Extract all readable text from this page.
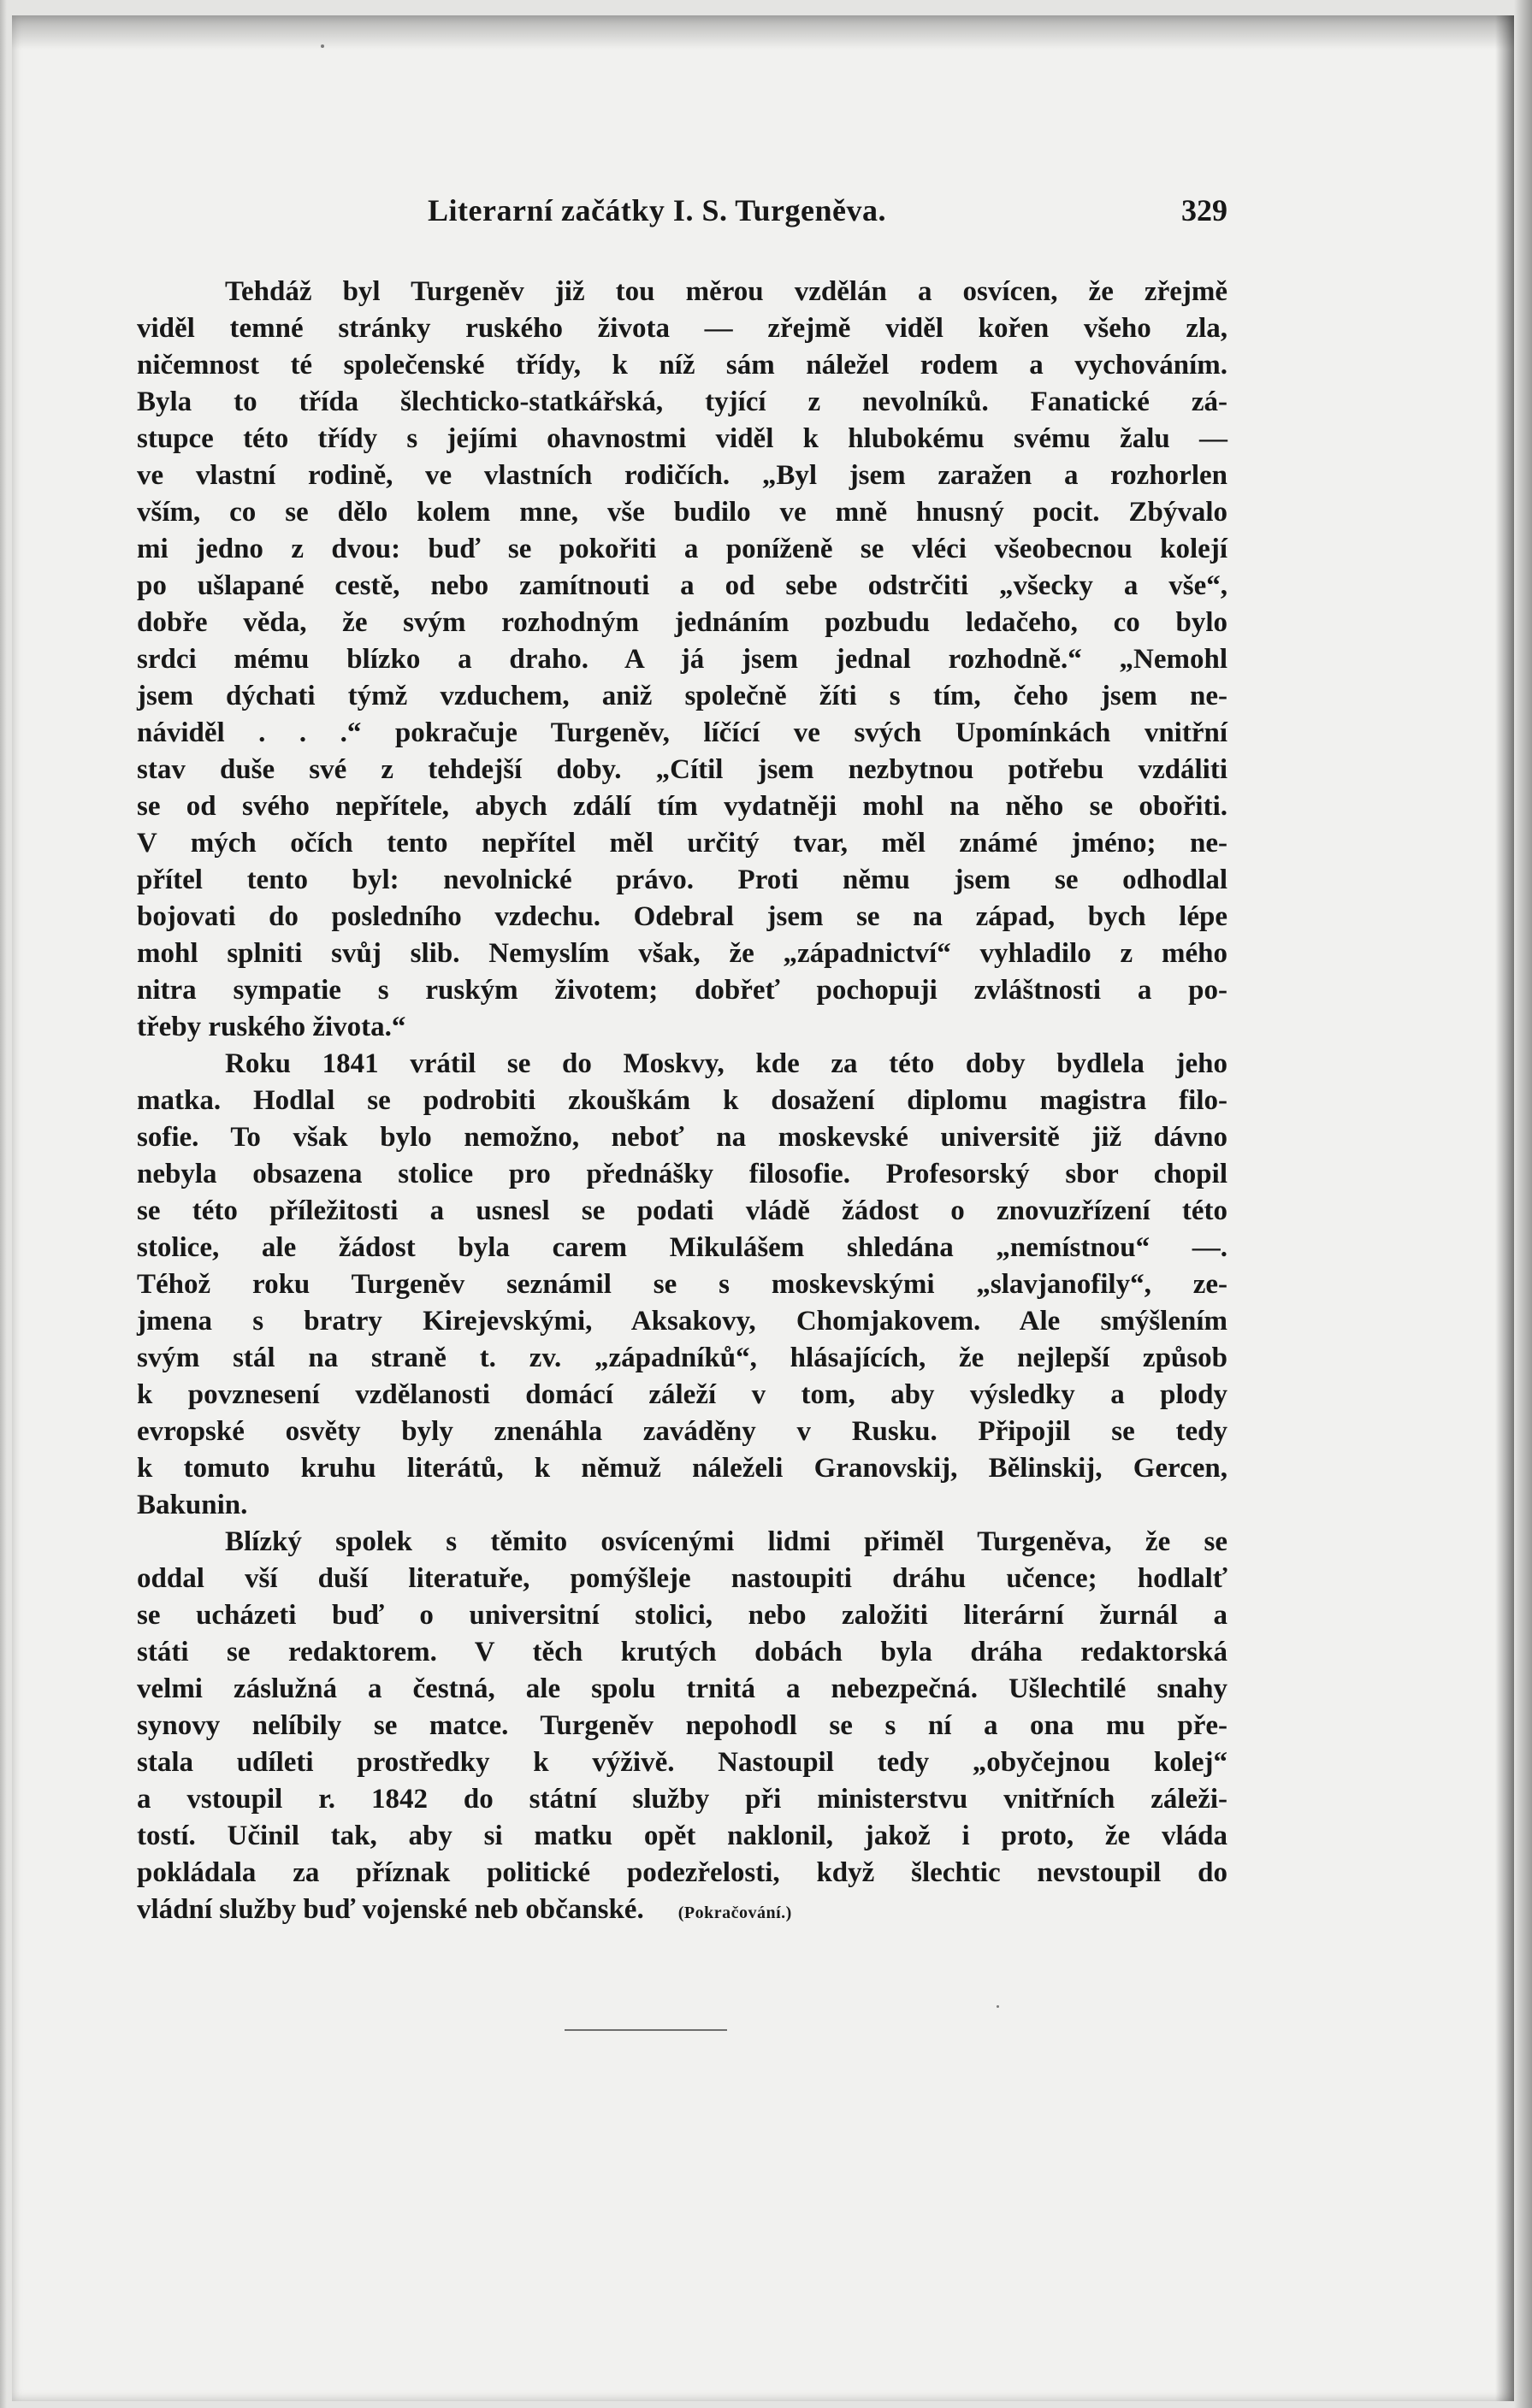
Literarní začátky I. S. Turgeněva.	329
Tehdáž byl Turgeněv již tou měrou vzdělán a osvícen, že zřejmě
viděl temné stránky ruského života — zřejmě viděl kořen všeho zla,
ničemnost té společenské třídy, k níž sám náležel rodem a vychováním.
Byla to třída šlechticko-statkářská, tyjící z nevolníků. Fanatické zá-
stupce této třídy s jejími ohavnostmi viděl k hlubokému svému žalu —
ve vlastní rodině, ve vlastních rodičích. „Byl jsem zaražen a rozhorlen
vším, co se dělo kolem mne, vše budilo ve mně hnusný pocit. Zbývalo
mi jedno z dvou: buď se pokořiti a poníženě se vléci všeobecnou kolejí
po ušlapané cestě, nebo zamítnouti a od sebe odstrčiti „všecky a vše“,
dobře věda, že svým rozhodným jednáním pozbudu ledačeho, co bylo
srdci mému blízko a draho. A já jsem jednal rozhodně.“ „Nemohl
jsem dýchati týmž vzduchem, aniž společně žíti s tím, čeho jsem ne-
náviděl . . .“ pokračuje Turgeněv, líčící ve svých Upomínkách vnitřní
stav duše své z tehdejší doby. „Cítil jsem nezbytnou potřebu vzdáliti
se od svého nepřítele, abych zdálí tím vydatněji mohl na něho se obořiti.
V mých očích tento nepřítel měl určitý tvar, měl známé jméno; ne-
přítel tento byl: nevolnické právo. Proti němu jsem se odhodlal
bojovati do posledního vzdechu. Odebral jsem se na západ, bych lépe
mohl splniti svůj slib. Nemyslím však, že „západnictví“ vyhladilo z mého
nitra sympatie s ruským životem; dobřeť pochopuji zvláštnosti a po-
třeby ruského života.“
Roku 1841 vrátil se do Moskvy, kde za této doby bydlela jeho
matka. Hodlal se podrobiti zkouškám k dosažení diplomu magistra filo-
sofie. To však bylo nemožno, neboť na moskevské universitě již dávno
nebyla obsazena stolice pro přednášky filosofie. Profesorský sbor chopil
se této příležitosti a usnesl se podati vládě žádost o znovuzřízení této
stolice, ale žádost byla carem Mikulášem shledána „nemístnou“ —.
Téhož roku Turgeněv seznámil se s moskevskými „slavjanofily“, ze-
jmena s bratry Kirejevskými, Aksakovy, Chomjakovem. Ale smýšlením
svým stál na straně t. zv. „západníků“, hlásajících, že nejlepší způsob
k povznesení vzdělanosti domácí záleží v tom, aby výsledky a plody
evropské osvěty byly znenáhla zaváděny v Rusku. Připojil se tedy
k tomuto kruhu literátů, k němuž náleželi Granovskij, Bělinskij, Gercen,
Bakunin.
Blízký spolek s těmito osvícenými lidmi přiměl Turgeněva, že se
oddal vší duší literatuře, pomýšleje nastoupiti dráhu učence; hodlalť
se ucházeti buď o universitní stolici, nebo založiti literární žurnál a
státi se redaktorem. V těch krutých dobách byla dráha redaktorská
velmi záslužná a čestná, ale spolu trnitá a nebezpečná. Ušlechtilé snahy
synovy nelíbily se matce. Turgeněv nepohodl se s ní a ona mu pře-
stala udíleti prostředky k výživě. Nastoupil tedy „obyčejnou kolej“
a vstoupil r. 1842 do státní služby při ministerstvu vnitřních záleži-
tostí. Učinil tak, aby si matku opět naklonil, jakož i proto, že vláda
pokládala za příznak politické podezřelosti, když šlechtic nevstoupil do
vládní služby buď vojenské neb občanské. (Pokračování.)
